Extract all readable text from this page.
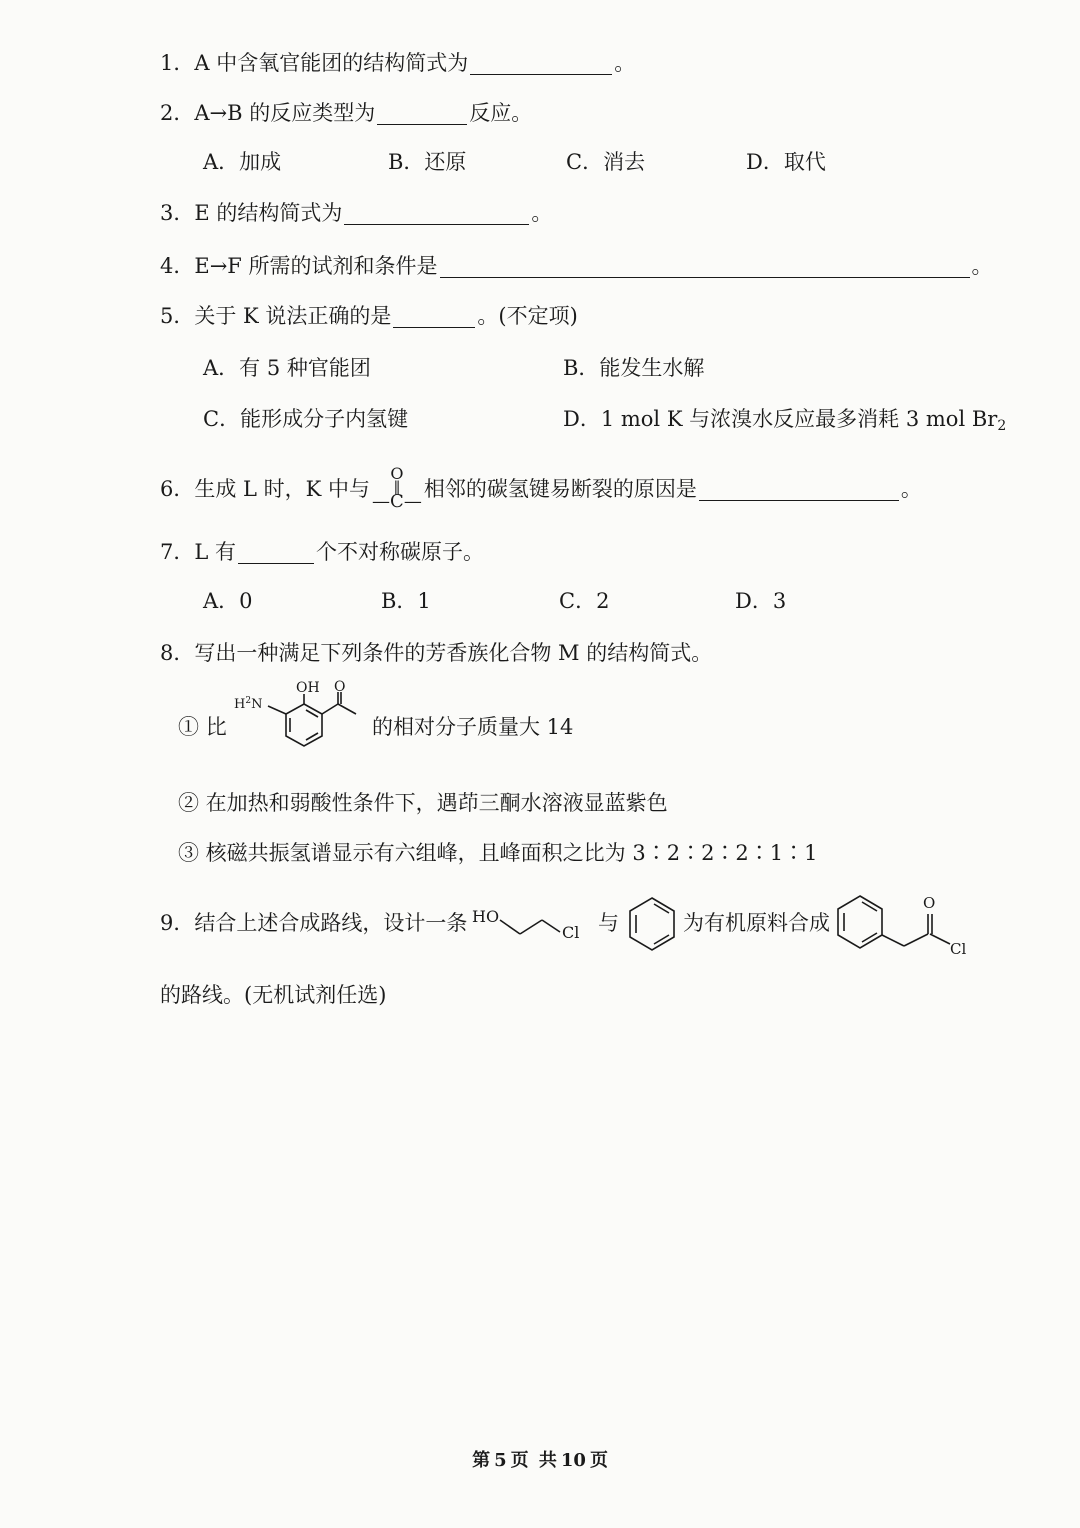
1． A 中含氧官能团的结构简式为	。
2． A→B 的反应类型为	反应。
A．加成	B．还原	C．消去	D．取代
3． E 的结构简式为	。
4． E→F 所需的试剂和条件是	。
5． 关于 K 说法正确的是	。(不定项)
A．有 5 种官能团	B．能发生水解
C．能形成分子内氢键	D．1 mol K 与浓溴水反应最多消耗 3 mol $Br_2$
6． 生成 L 时，K 中与
O
‖
—C—
相邻的碳氢键易断裂的原因是	。
7． L 有	个不对称碳原子。
A．0	B．1	C．2	D．3
8． 写出一种满足下列条件的芳香族化合物 M 的结构简式。
① 比
OH O
$H^2N$
的相对分子质量大 14
② 在加热和弱酸性条件下，遇茚三酮水溶液显蓝紫色
③ 核磁共振氢谱显示有六组峰，且峰面积之比为 3∶2∶2∶2∶1∶1
9．结合上述合成路线，设计一条 HO
Cl 与	为有机原料合成
O
Cl
的路线。(无机试剂任选)
第 5 页 共 10 页
